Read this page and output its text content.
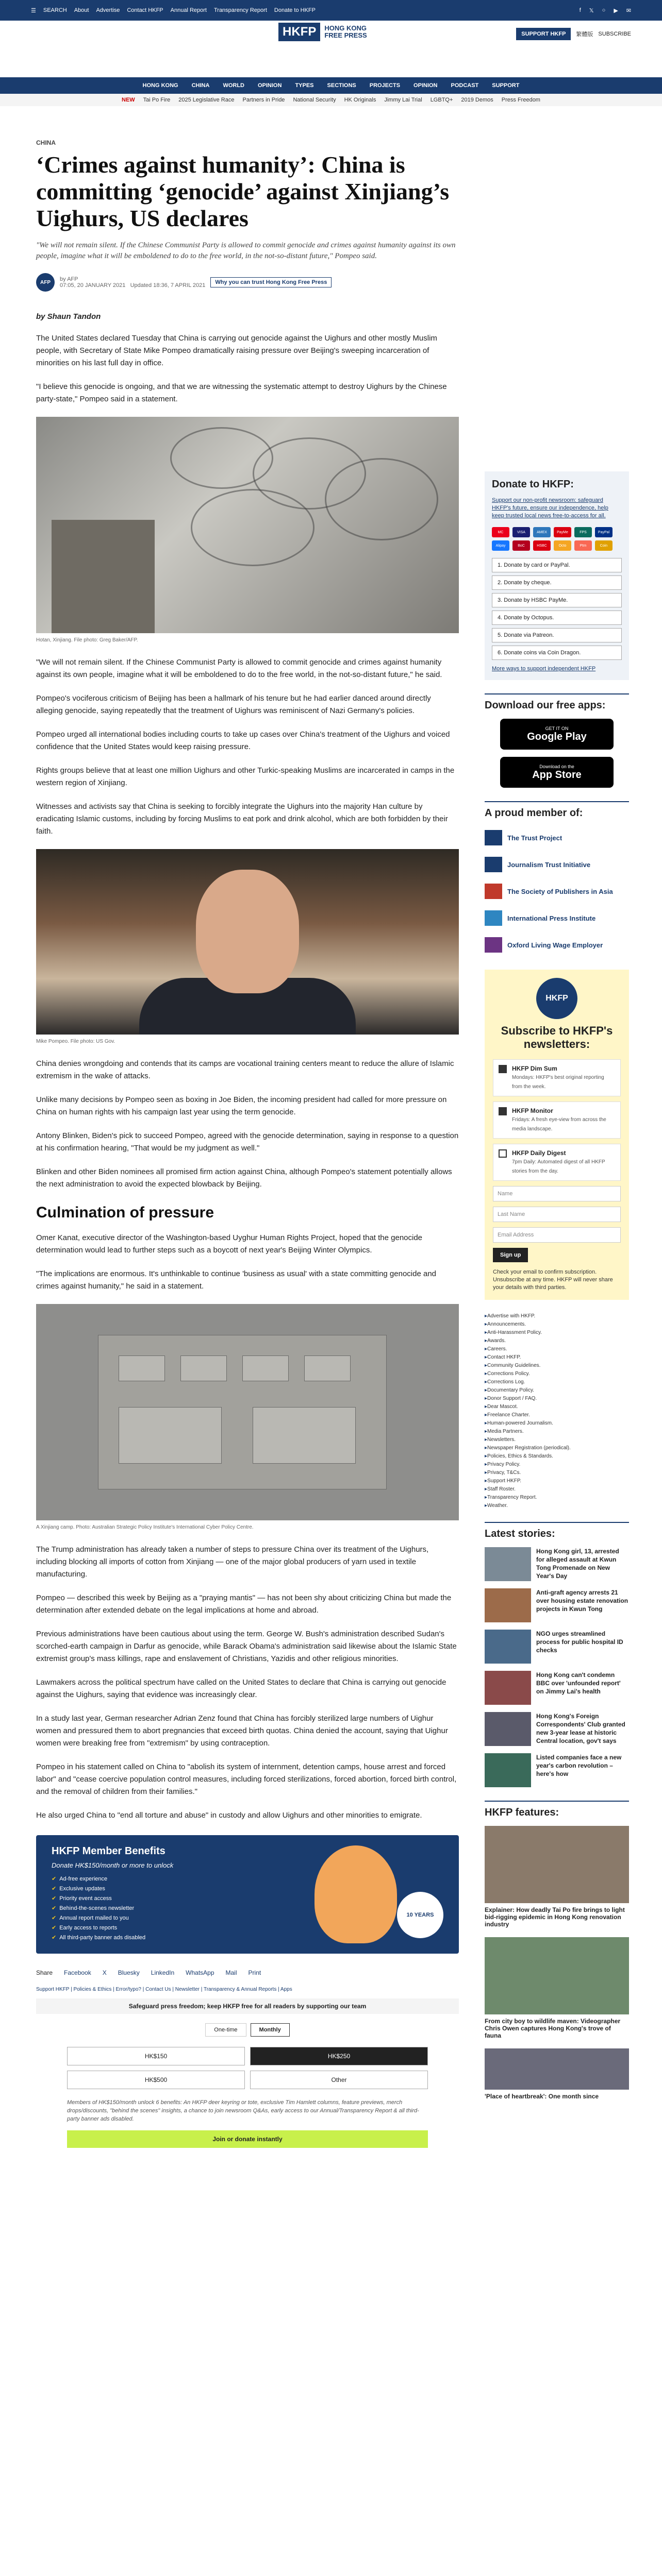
☰ SEARCH About Advertise Contact HKFP Annual Report Transparency Report Donate to HKFP	f 𝕏 ○ ▶ ✉
HKFP	HONG KONG
FREE PRESS	SUPPORT HKFP	繁體版 SUBSCRIBE
HONG KONG CHINA WORLD OPINION TYPES SECTIONS PROJECTS OPINION PODCAST SUPPORT
NEW Tai Po Fire 2025 Legislative Race Partners in Pride National Security HK Originals Jimmy Lai Trial LGBTQ+ 2019 Demos Press Freedom
CHINA
‘Crimes against humanity’: China is committing ‘genocide’ against Xinjiang’s Uighurs, US declares
"We will not remain silent. If the Chinese Communist Party is allowed to commit genocide and crimes against humanity against its own people, imagine what it will be emboldened to do to the free world, in the not-so-distant future," Pompeo said.
AFP	by AFP
07:05, 20 JANUARY 2021 Updated 18:36, 7 APRIL 2021	Why you can trust Hong Kong Free Press
by Shaun Tandon

The United States declared Tuesday that China is carrying out genocide against the Uighurs and other mostly Muslim people, with Secretary of State Mike Pompeo dramatically raising pressure over Beijing's sweeping incarceration of minorities on his last full day in office.

"I believe this genocide is ongoing, and that we are witnessing the systematic attempt to destroy Uighurs by the Chinese party-state," Pompeo said in a statement.

Hotan, Xinjiang. File photo: Greg Baker/AFP.

"We will not remain silent. If the Chinese Communist Party is allowed to commit genocide and crimes against humanity against its own people, imagine what it will be emboldened to do to the free world, in the not-so-distant future," he said.

Pompeo's vociferous criticism of Beijing has been a hallmark of his tenure but he had earlier danced around directly alleging genocide, saying repeatedly that the treatment of Uighurs was reminiscent of Nazi Germany's policies.

Pompeo urged all international bodies including courts to take up cases over China's treatment of the Uighurs and voiced confidence that the United States would keep raising pressure.

Rights groups believe that at least one million Uighurs and other Turkic-speaking Muslims are incarcerated in camps in the western region of Xinjiang.

Witnesses and activists say that China is seeking to forcibly integrate the Uighurs into the majority Han culture by eradicating Islamic customs, including by forcing Muslims to eat pork and drink alcohol, which are both forbidden by their faith.

Mike Pompeo. File photo: US Gov.

China denies wrongdoing and contends that its camps are vocational training centers meant to reduce the allure of Islamic extremism in the wake of attacks.

Unlike many decisions by Pompeo seen as boxing in Joe Biden, the incoming president had called for more pressure on China on human rights with his campaign last year using the term genocide.

Antony Blinken, Biden's pick to succeed Pompeo, agreed with the genocide determination, saying in response to a question at his confirmation hearing, "That would be my judgment as well."

Blinken and other Biden nominees all promised firm action against China, although Pompeo's statement potentially allows the next administration to avoid the expected blowback by Beijing.

Culmination of pressure

Omer Kanat, executive director of the Washington-based Uyghur Human Rights Project, hoped that the genocide determination would lead to further steps such as a boycott of next year's Beijing Winter Olympics.

"The implications are enormous. It's unthinkable to continue 'business as usual' with a state committing genocide and crimes against humanity," he said in a statement.

A Xinjiang camp. Photo: Australian Strategic Policy Institute's International Cyber Policy Centre.

The Trump administration has already taken a number of steps to pressure China over its treatment of the Uighurs, including blocking all imports of cotton from Xinjiang — one of the major global producers of yarn used in textile manufacturing.

Pompeo — described this week by Beijing as a "praying mantis" — has not been shy about criticizing China but made the determination after extended debate on the legal implications at home and abroad.

Previous administrations have been cautious about using the term. George W. Bush's administration described Sudan's scorched-earth campaign in Darfur as genocide, while Barack Obama's administration said likewise about the Islamic State extremist group's mass killings, rape and enslavement of Christians, Yazidis and other religious minorities.

Lawmakers across the political spectrum have called on the United States to declare that China is carrying out genocide against the Uighurs, saying that evidence was increasingly clear.

In a study last year, German researcher Adrian Zenz found that China has forcibly sterilized large numbers of Uighur women and pressured them to abort pregnancies that exceed birth quotas. China denied the account, saying that Uighur women were breaking free from "extremism" by using contraception.

Pompeo in his statement called on China to "abolish its system of internment, detention camps, house arrest and forced labor" and "cease coercive population control measures, including forced sterilizations, forced abortion, forced birth control, and the removal of children from their families."

He also urged China to "end all torture and abuse" in custody and allow Uighurs and other minorities to emigrate.

HKFP Member Benefits
Donate HK$150/month or more to unlock
✔ Ad-free experience
✔ Exclusive updates
✔ Priority event access
✔ Behind-the-scenes newsletter
✔ Annual report mailed to you
✔ Early access to reports
✔ All third-party banner ads disabled
10 YEARS
Share Facebook X Bluesky LinkedIn WhatsApp Mail Print
Support HKFP | Policies & Ethics | Error/typo? | Contact Us | Newsletter | Transparency & Annual Reports | Apps
Safeguard press freedom; keep HKFP free for all readers by supporting our team
One-time	Monthly
HK$150	HK$250
HK$500	Other
Members of HK$150/month unlock 6 benefits: An HKFP deer keyring or tote, exclusive Tim Hamlett columns, feature previews, merch drops/discounts, "behind the scenes" insights, a chance to join newsroom Q&As, early access to our Annual/Transparency Report & all third-party banner ads disabled.
Join or donate instantly
Donate to HKFP:
Support our non-profit newsroom: safeguard HKFP's future, ensure our independence, help keep trusted local news free-to-access for all.
MC	VISA	AMEX	PayMe	FPS	PayPal
Alipay	BoC	HSBC	Octo	Ptrn	Coin
1. Donate by card or PayPal.
2. Donate by cheque.
3. Donate by HSBC PayMe.
4. Donate by Octopus.
5. Donate via Patreon.
6. Donate coins via Coin Dragon.
More ways to support independent HKFP
Download our free apps:
GET IT ON
Google Play
Download on the
App Store
A proud member of:
The Trust Project
Journalism Trust Initiative
The Society of Publishers in Asia
International Press Institute
Oxford Living Wage Employer
HKFP
Subscribe to HKFP's newsletters:
HKFP Dim Sum
Mondays: HKFP's best original reporting from the week.
HKFP Monitor
Fridays: A fresh eye-view from across the media landscape.
HKFP Daily Digest
7pm Daily: Automated digest of all HKFP stories from the day.
Name
Last Name
Email Address
Sign up
Check your email to confirm subscription. Unsubscribe at any time. HKFP will never share your details with third parties.
▸ Advertise with HKFP.
▸ Announcements.
▸ Anti-Harassment Policy.
▸ Awards.
▸ Careers.
▸ Contact HKFP.
▸ Community Guidelines.
▸ Corrections Policy.
▸ Corrections Log.
▸ Documentary Policy.
▸ Donor Support / FAQ.
▸ Dear Mascot.
▸ Freelance Charter.
▸ Human-powered Journalism.
▸ Media Partners.
▸ Newsletters.
▸ Newspaper Registration (periodical).
▸ Policies, Ethics & Standards.
▸ Privacy Policy.
▸ Privacy, T&Cs.
▸ Support HKFP.
▸ Staff Roster.
▸ Transparency Report.
▸ Weather.
Latest stories:
Hong Kong girl, 13, arrested for alleged assault at Kwun Tong Promenade on New Year's Day
Anti-graft agency arrests 21 over housing estate renovation projects in Kwun Tong
NGO urges streamlined process for public hospital ID checks
Hong Kong can't condemn BBC over 'unfounded report' on Jimmy Lai's health
Hong Kong's Foreign Correspondents' Club granted new 3-year lease at historic Central location, gov't says
Listed companies face a new year's carbon revolution – here's how
HKFP features:
Explainer: How deadly Tai Po fire brings to light bid-rigging epidemic in Hong Kong renovation industry
From city boy to wildlife maven: Videographer Chris Owen captures Hong Kong's trove of fauna
'Place of heartbreak': One month since
